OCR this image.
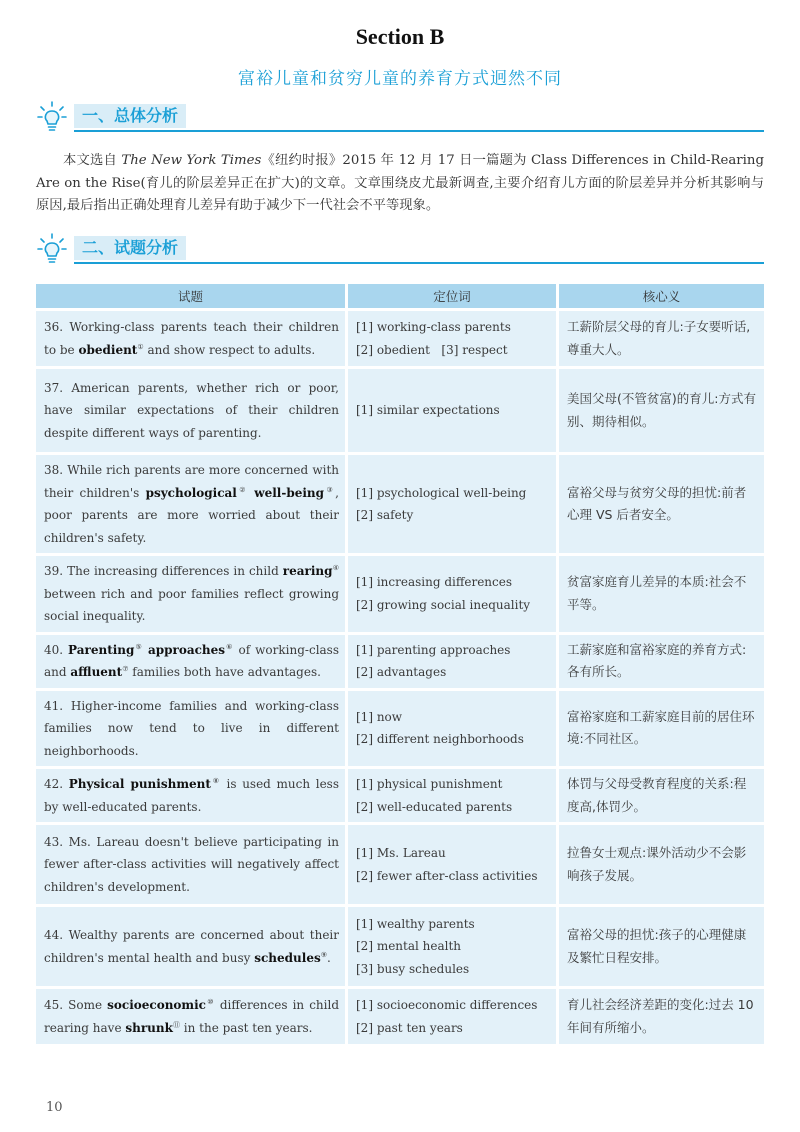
Section B
富裕儿童和贫穷儿童的养育方式迥然不同
一、总体分析

本文选自 The New York Times《纽约时报》2015 年 12 月 17 日一篇题为 Class Differences in Child-Rearing Are on the Rise(育儿的阶层差异正在扩大)的文章。文章围绕皮尤最新调查,主要介绍育儿方面的阶层差异并分析其影响与原因,最后指出正确处理育儿差异有助于减少下一代社会不平等现象。

二、试题分析
试题	定位词	核心义
36. Working-class parents teach their children to be obedient① and show respect to adults.	[1] working-class parents
[2] obedient   [3] respect	工薪阶层父母的育儿:子女要听话,尊重大人。
37. American parents, whether rich or poor, have similar expectations of their children despite different ways of parenting.	[1] similar expectations	美国父母(不管贫富)的育儿:方式有别、期待相似。
38. While rich parents are more concerned with their children's psychological② well-being③, poor parents are more worried about their children's safety.	[1] psychological well-being
[2] safety	富裕父母与贫穷父母的担忧:前者心理 VS 后者安全。
39. The increasing differences in child rearing④ between rich and poor families reflect growing social inequality.	[1] increasing differences
[2] growing social inequality	贫富家庭育儿差异的本质:社会不平等。
40. Parenting⑤ approaches⑥ of working-class and affluent⑦ families both have advantages.	[1] parenting approaches
[2] advantages	工薪家庭和富裕家庭的养育方式:各有所长。
41. Higher-income families and working-class families now tend to live in different neighborhoods.	[1] now
[2] different neighborhoods	富裕家庭和工薪家庭目前的居住环境:不同社区。
42. Physical punishment⑧ is used much less by well-educated parents.	[1] physical punishment
[2] well-educated parents	体罚与父母受教育程度的关系:程度高,体罚少。
43. Ms. Lareau doesn't believe participating in fewer after-class activities will negatively affect children's development.	[1] Ms. Lareau
[2] fewer after-class activities	拉鲁女士观点:课外活动少不会影响孩子发展。
44. Wealthy parents are concerned about their children's mental health and busy schedules⑨.	[1] wealthy parents
[2] mental health
[3] busy schedules	富裕父母的担忧:孩子的心理健康及繁忙日程安排。
45. Some socioeconomic⑩ differences in child rearing have shrunk⑪ in the past ten years.	[1] socioeconomic differences
[2] past ten years	育儿社会经济差距的变化:过去 10 年间有所缩小。
10
